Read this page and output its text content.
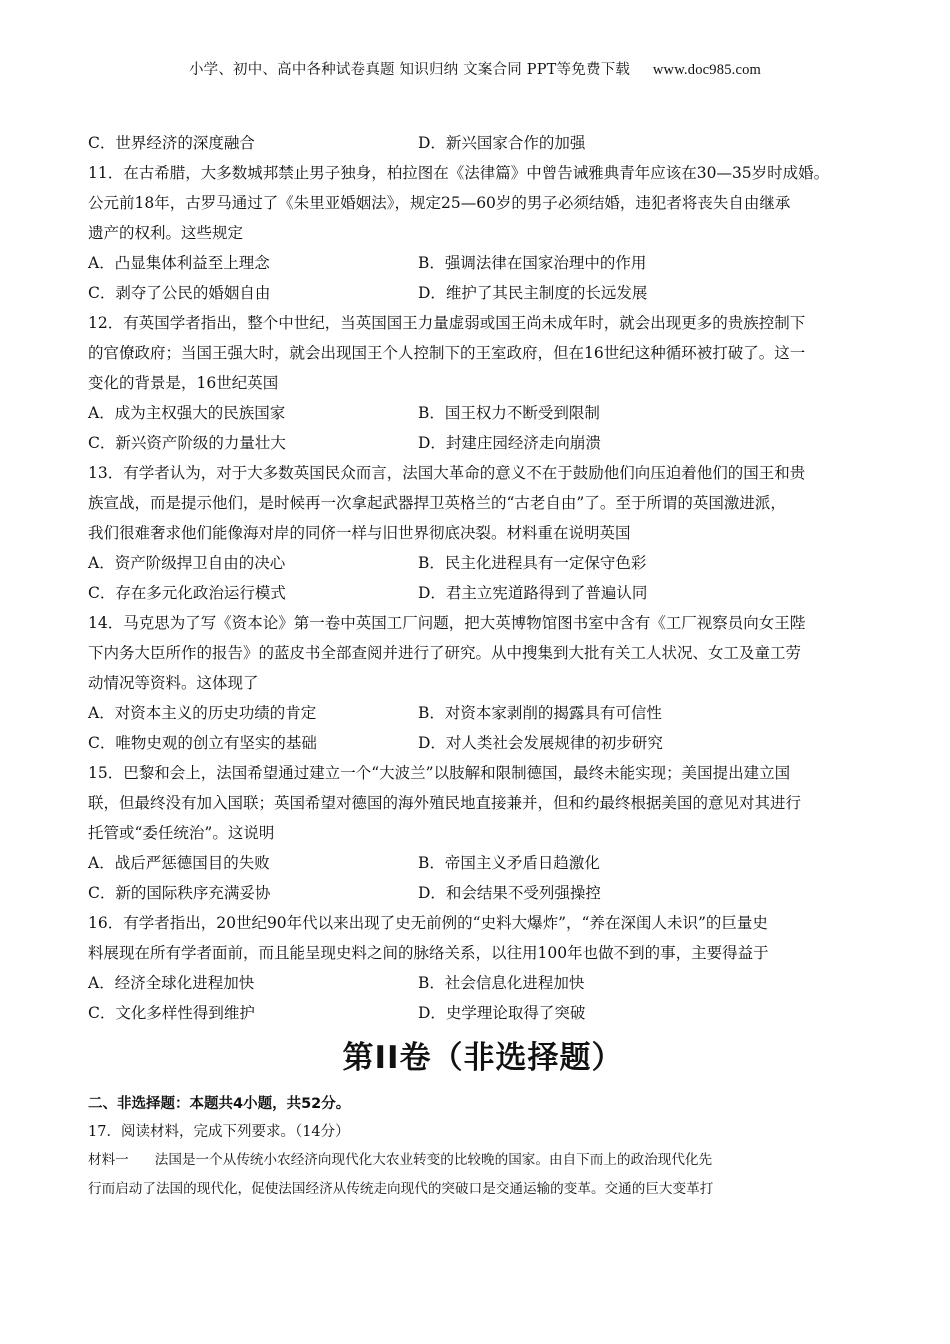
小学、初中、高中各种试卷真题 知识归纳 文案合同 PPT等免费下载 www.doc985.com
C．世界经济的深度融合	D．新兴国家合作的加强
11．在古希腊，大多数城邦禁止男子独身，柏拉图在《法律篇》中曾告诫雅典青年应该在30—35岁时成婚。
公元前18年，古罗马通过了《朱里亚婚姻法》，规定25—60岁的男子必须结婚，违犯者将丧失自由继承
遗产的权利。这些规定
A．凸显集体利益至上理念	B．强调法律在国家治理中的作用
C．剥夺了公民的婚姻自由	D．维护了其民主制度的长远发展
12．有英国学者指出，整个中世纪，当英国国王力量虚弱或国王尚未成年时，就会出现更多的贵族控制下
的官僚政府；当国王强大时，就会出现国王个人控制下的王室政府，但在16世纪这种循环被打破了。这一
变化的背景是，16世纪英国
A．成为主权强大的民族国家	B．国王权力不断受到限制
C．新兴资产阶级的力量壮大	D．封建庄园经济走向崩溃
13．有学者认为，对于大多数英国民众而言，法国大革命的意义不在于鼓励他们向压迫着他们的国王和贵
族宣战，而是提示他们，是时候再一次拿起武器捍卫英格兰的“古老自由”了。至于所谓的英国激进派，
我们很难奢求他们能像海对岸的同侪一样与旧世界彻底决裂。材料重在说明英国
A．资产阶级捍卫自由的决心	B．民主化进程具有一定保守色彩
C．存在多元化政治运行模式	D．君主立宪道路得到了普遍认同
14．马克思为了写《资本论》第一卷中英国工厂问题，把大英博物馆图书室中含有《工厂视察员向女王陛
下内务大臣所作的报告》的蓝皮书全部查阅并进行了研究。从中搜集到大批有关工人状况、女工及童工劳
动情况等资料。这体现了
A．对资本主义的历史功绩的肯定	B．对资本家剥削的揭露具有可信性
C．唯物史观的创立有坚实的基础	D．对人类社会发展规律的初步研究
15．巴黎和会上，法国希望通过建立一个“大波兰”以肢解和限制德国，最终未能实现；美国提出建立国
联，但最终没有加入国联；英国希望对德国的海外殖民地直接兼并，但和约最终根据美国的意见对其进行
托管或“委任统治”。这说明
A．战后严惩德国目的失败	B．帝国主义矛盾日趋激化
C．新的国际秩序充满妥协	D．和会结果不受列强操控
16．有学者指出，20世纪90年代以来出现了史无前例的“史料大爆炸”，“养在深闺人未识”的巨量史
料展现在所有学者面前，而且能呈现史料之间的脉络关系，以往用100年也做不到的事，主要得益于
A．经济全球化进程加快	B．社会信息化进程加快
C．文化多样性得到维护	D．史学理论取得了突破
第II卷（非选择题）
二、非选择题：本题共4小题，共52分。
17．阅读材料，完成下列要求。（14分）
材料一 法国是一个从传统小农经济向现代化大农业转变的比较晚的国家。由自下而上的政治现代化先
行而启动了法国的现代化，促使法国经济从传统走向现代的突破口是交通运输的变革。交通的巨大变革打
